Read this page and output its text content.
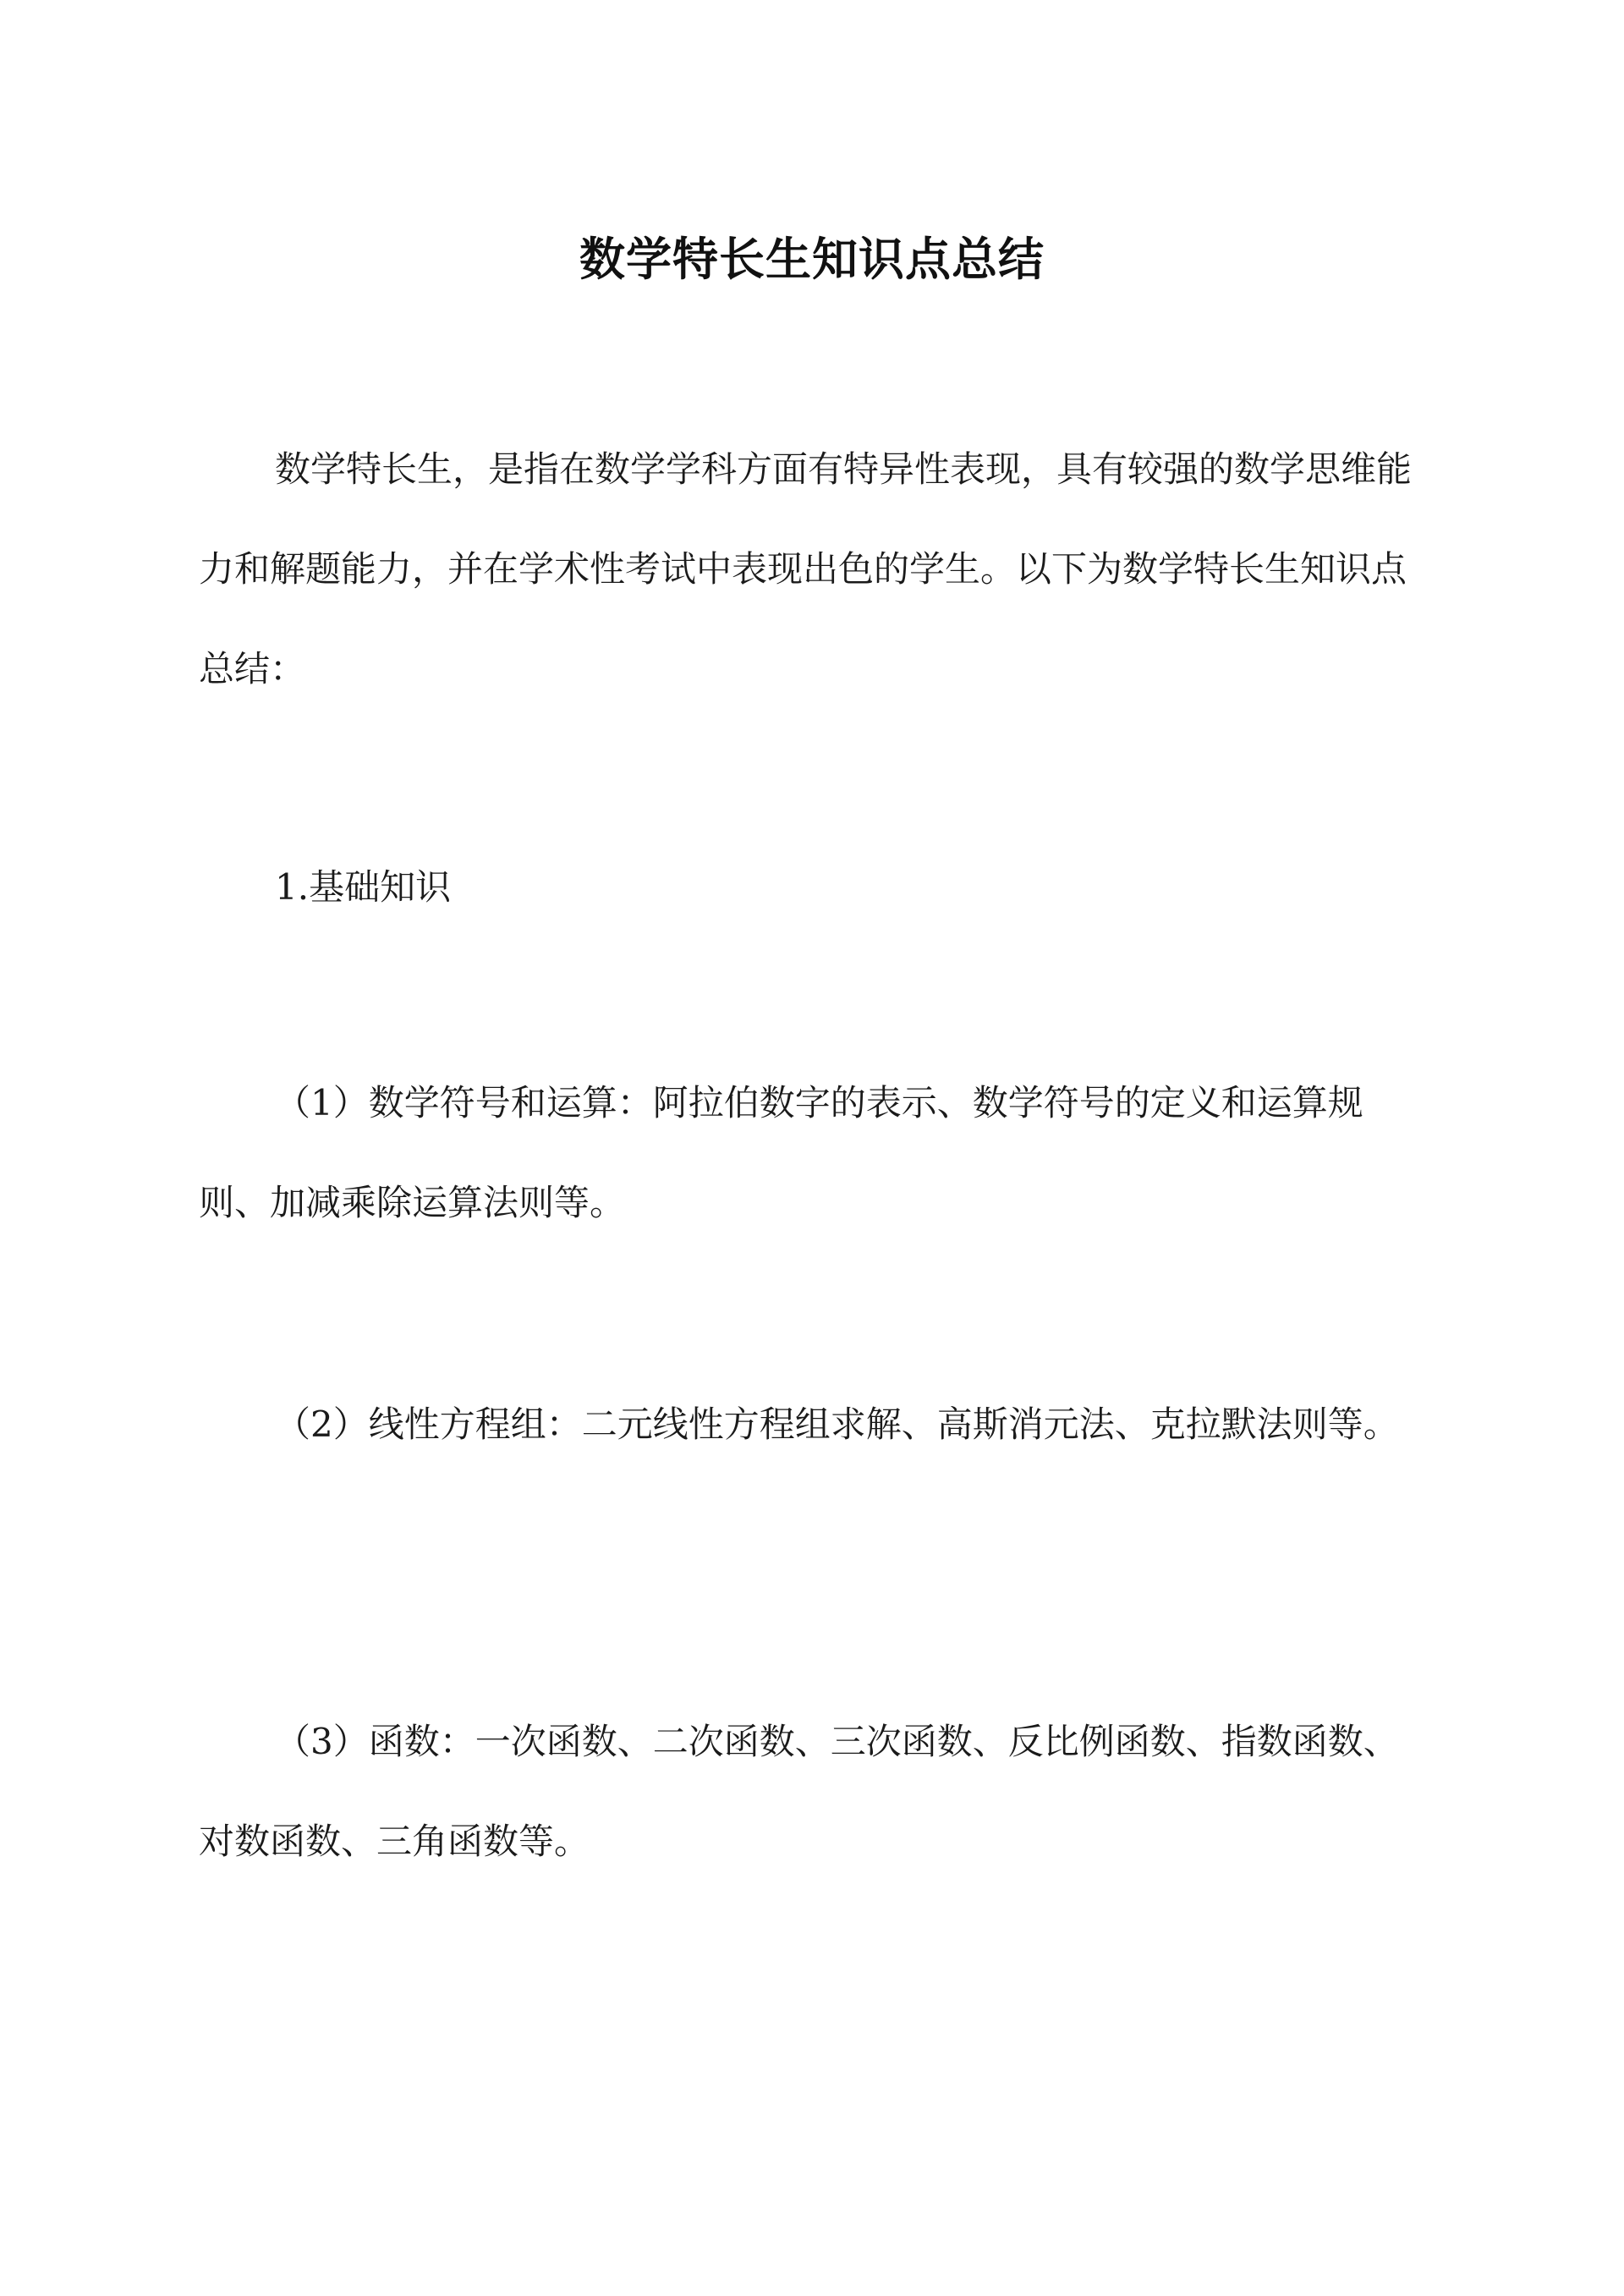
数学特长生知识点总结

数学特长生，是指在数学学科方面有特异性表现，具有较强的数学思维能力和解题能力，并在学术性考试中表现出色的学生。以下为数学特长生知识点总结：

1.基础知识

（1）数学符号和运算：阿拉伯数字的表示、数学符号的定义和运算规则、加减乘除运算法则等。

（2）线性方程组：二元线性方程组求解、高斯消元法、克拉默法则等。

（3）函数：一次函数、二次函数、三次函数、反比例函数、指数函数、对数函数、三角函数等。
